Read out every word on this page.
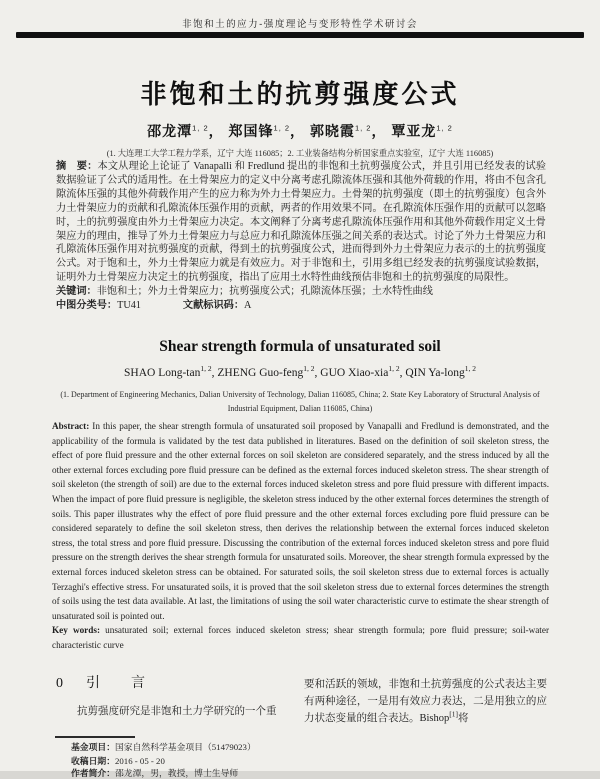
非饱和土的应力-强度理论与变形特性学术研讨会
非饱和土的抗剪强度公式
邵龙潭$^{1, 2}$， 郑国锋$^{1, 2}$， 郭晓霞$^{1, 2}$， 覃亚龙$^{1, 2}$
(1. 大连理工大学工程力学系，辽宁 大连 116085；2. 工业装备结构分析国家重点实验室，辽宁 大连 116085)

摘　要：本文从理论上论证了 Vanapalli 和 Fredlund 提出的非饱和土抗剪强度公式，并且引用已经发表的试验数据验证了公式的适用性。在土骨架应力的定义中分离考虑孔隙流体压强和其他外荷载的作用，将由不包含孔隙流体压强的其他外荷载作用产生的应力称为外力土骨架应力。土骨架的抗剪强度（即土的抗剪强度）包含外力土骨架应力的贡献和孔隙流体压强作用的贡献，两者的作用效果不同。在孔隙流体压强作用的贡献可以忽略时，土的抗剪强度由外力土骨架应力决定。本文阐释了分离考虑孔隙流体压强作用和其他外荷载作用定义土骨架应力的理由，推导了外力土骨架应力与总应力和孔隙流体压强之间关系的表达式。讨论了外力土骨架应力和孔隙流体压强作用对抗剪强度的贡献，得到土的抗剪强度公式，进而得到外力土骨架应力表示的土的抗剪强度公式。对于饱和土，外力土骨架应力就是有效应力。对于非饱和土，引用多组已经发表的抗剪强度试验数据，证明外力土骨架应力决定土的抗剪强度，指出了应用土水特性曲线预估非饱和土的抗剪强度的局限性。

关键词：非饱和土；外力土骨架应力；抗剪强度公式；孔隙流体压强；土水特性曲线

中图分类号：TU41	文献标识码：A

Shear strength formula of unsaturated soil
SHAO Long-$\tan^{1, 2}$, ZHENG Guo-feng$^{1, 2}$, GUO Xiao-xia$^{1, 2}$, QIN Ya-long$^{1, 2}$
(1. Department of Engineering Mechanics, Dalian University of Technology, Dalian 116085, China; 2. State Key Laboratory of Structural Analysis of Industrial Equipment, Dalian 116085, China)

Abstract: In this paper, the shear strength formula of unsaturated soil proposed by Vanapalli and Fredlund is demonstrated, and the applicability of the formula is validated by the test data published in literatures. Based on the definition of soil skeleton stress, the effect of pore fluid pressure and the other external forces on soil skeleton are considered separately, and the stress induced by all the other external forces excluding pore fluid pressure can be defined as the external forces induced skeleton stress. The shear strength of soil skeleton (the strength of soil) are due to the external forces induced skeleton stress and pore fluid pressure with different impacts. When the impact of pore fluid pressure is negligible, the skeleton stress induced by the other external forces determines the strength of soils. This paper illustrates why the effect of pore fluid pressure and the other external forces excluding pore fluid pressure can be considered separately to define the soil skeleton stress, then derives the relationship between the external forces induced skeleton stress, the total stress and pore fluid pressure. Discussing the contribution of the external forces induced skeleton stress and pore fluid pressure on the strength derives the shear strength formula for unsaturated soils. Moreover, the shear strength formula expressed by the external forces induced skeleton stress can be obtained. For saturated soils, the soil skeleton stress due to external forces is actually Terzaghi's effective stress. For unsaturated soils, it is proved that the soil skeleton stress due to external forces determines the strength of soils using the test data available. At last, the limitations of using the soil water characteristic curve to estimate the shear strength of unsaturated soil is pointed out.

Key words: unsaturated soil; external forces induced skeleton stress; shear strength formula; pore fluid pressure; soil-water characteristic curve

0 引　　言

抗剪强度研究是非饱和土力学研究的一个重

要和活跃的领域，非饱和土抗剪强度的公式表达主要有两种途径，一是用有效应力表达，二是用独立的应力状态变量的组合表达。Bishop[1]将

基金项目：国家自然科学基金项目（51479023）

收稿日期：2016 - 05 - 20

作者简介：邵龙潭，男，教授，博士生导师
